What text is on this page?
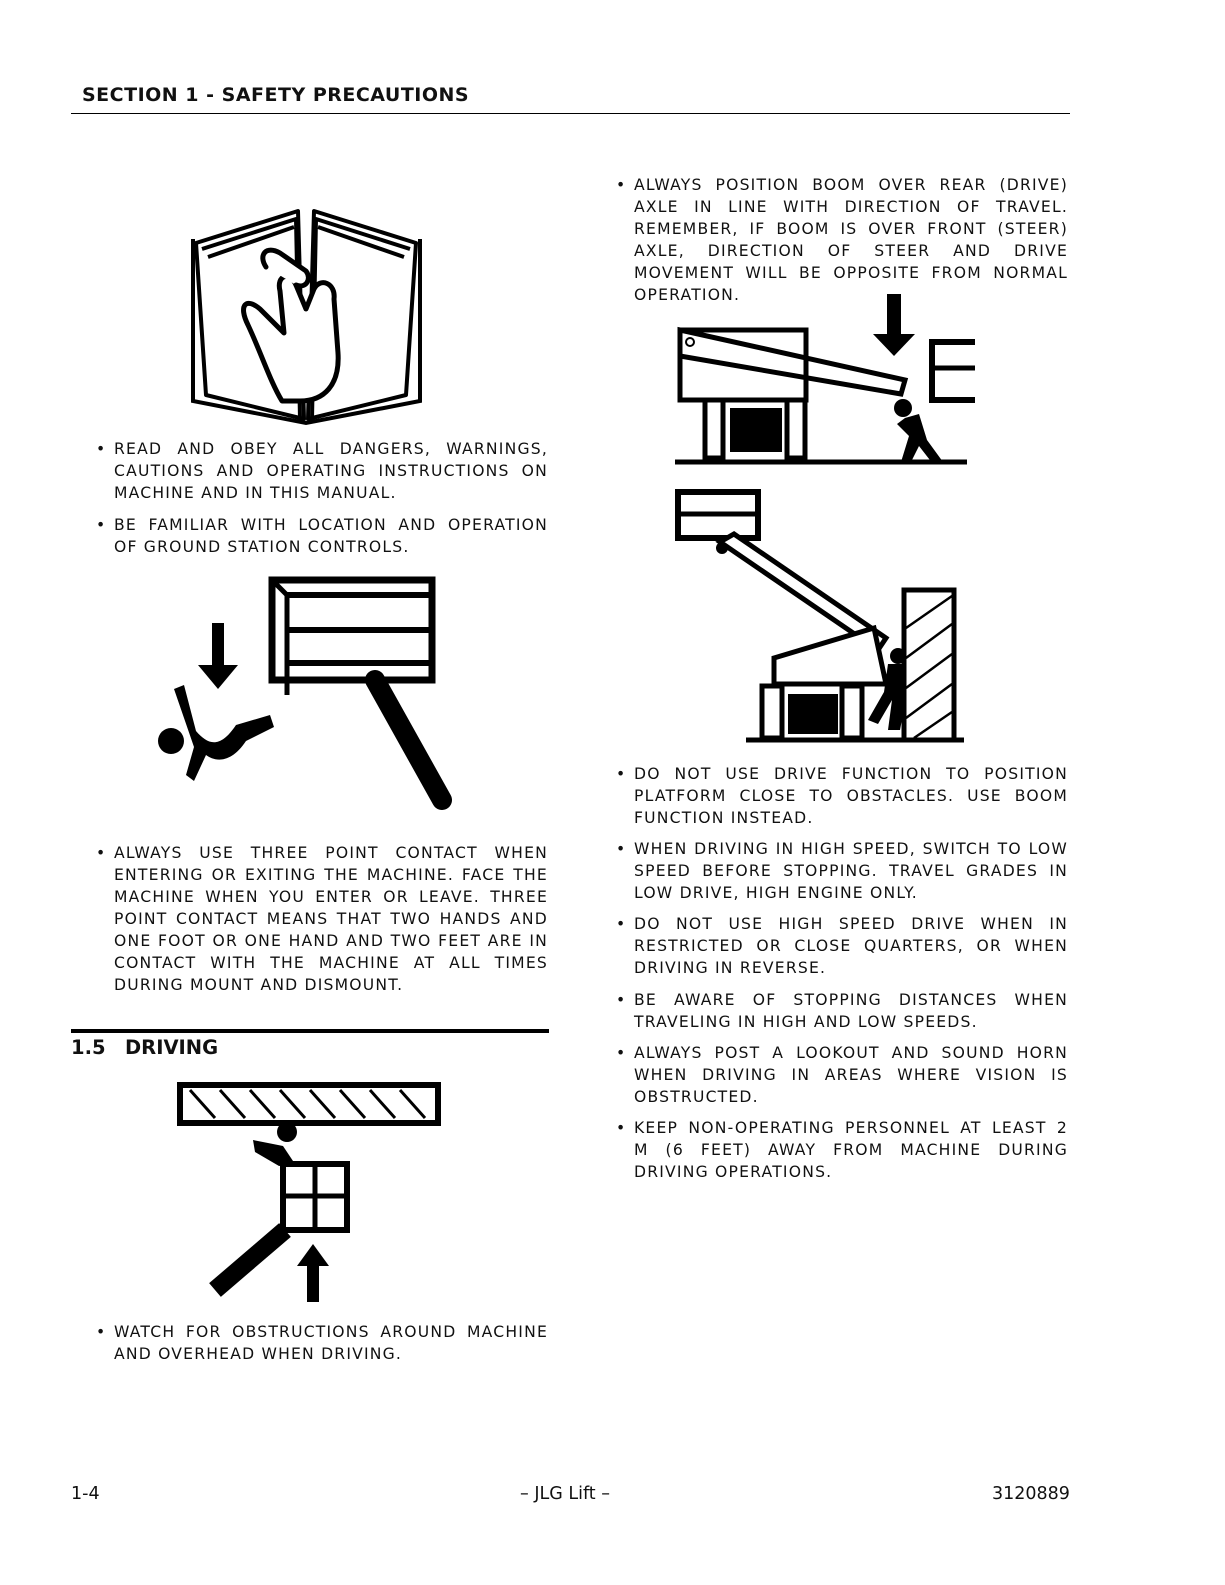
SECTION 1 - SAFETY PRECAUTIONS
• READ AND OBEY ALL DANGERS, WARNINGS, CAUTIONS AND OPERATING INSTRUCTIONS ON MACHINE AND IN THIS MANUAL.
• BE FAMILIAR WITH LOCATION AND OPERATION OF GROUND STATION CONTROLS.
• ALWAYS USE THREE POINT CONTACT WHEN ENTERING OR EXITING THE MACHINE. FACE THE MACHINE WHEN YOU ENTER OR LEAVE. THREE POINT CONTACT MEANS THAT TWO HANDS AND ONE FOOT OR ONE HAND AND TWO FEET ARE IN CONTACT WITH THE MACHINE AT ALL TIMES DURING MOUNT AND DISMOUNT.
1.5 DRIVING
• WATCH FOR OBSTRUCTIONS AROUND MACHINE AND OVERHEAD WHEN DRIVING.
• ALWAYS POSITION BOOM OVER REAR (DRIVE) AXLE IN LINE WITH DIRECTION OF TRAVEL. REMEMBER, IF BOOM IS OVER FRONT (STEER) AXLE, DIRECTION OF STEER AND DRIVE MOVEMENT WILL BE OPPOSITE FROM NORMAL OPERATION.
• DO NOT USE DRIVE FUNCTION TO POSITION PLATFORM CLOSE TO OBSTACLES. USE BOOM FUNCTION INSTEAD.
• WHEN DRIVING IN HIGH SPEED, SWITCH TO LOW SPEED BEFORE STOPPING. TRAVEL GRADES IN LOW DRIVE, HIGH ENGINE ONLY.
• DO NOT USE HIGH SPEED DRIVE WHEN IN RESTRICTED OR CLOSE QUARTERS, OR WHEN DRIVING IN REVERSE.
• BE AWARE OF STOPPING DISTANCES WHEN TRAVELING IN HIGH AND LOW SPEEDS.
• ALWAYS POST A LOOKOUT AND SOUND HORN WHEN DRIVING IN AREAS WHERE VISION IS OBSTRUCTED.
• KEEP NON-OPERATING PERSONNEL AT LEAST 2 M (6 FEET) AWAY FROM MACHINE DURING DRIVING OPERATIONS.
1-4	– JLG Lift –	3120889
